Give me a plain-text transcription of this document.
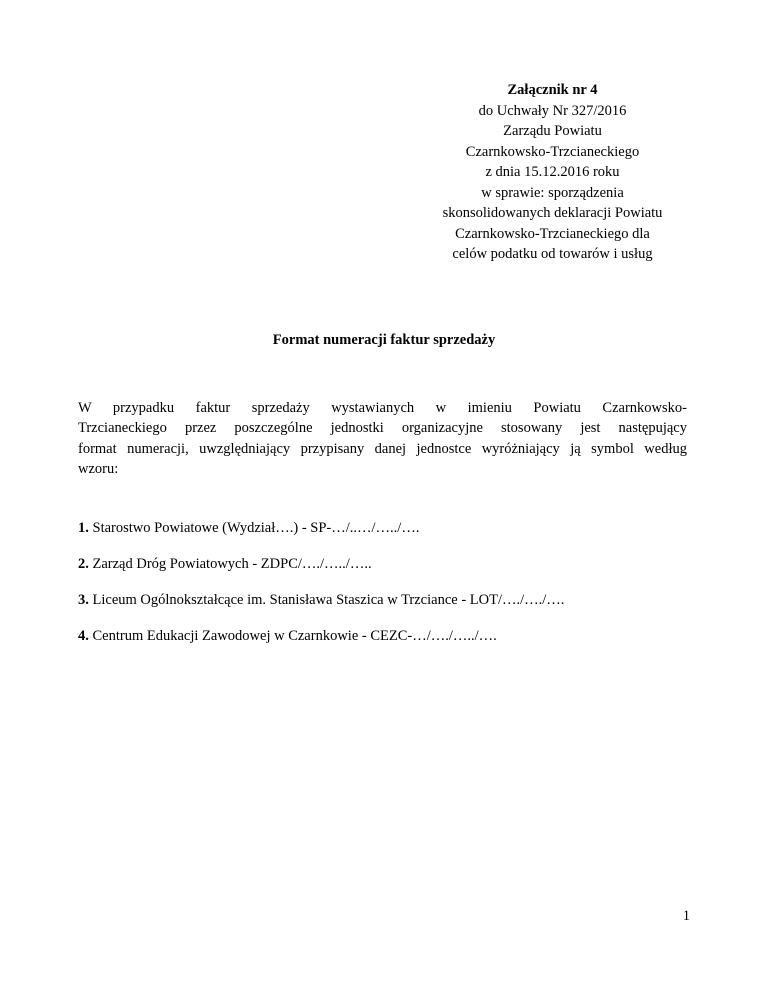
Załącznik nr 4
do Uchwały Nr 327/2016
Zarządu Powiatu
Czarnkowsko-Trzcianeckiego
z dnia 15.12.2016 roku
w sprawie: sporządzenia
skonsolidowanych deklaracji Powiatu
Czarnkowsko-Trzcianeckiego dla
celów podatku od towarów i usług
Format numeracji faktur sprzedaży
W przypadku faktur sprzedaży wystawianych w imieniu Powiatu Czarnkowsko-
Trzcianeckiego przez poszczególne jednostki organizacyjne stosowany jest następujący
format numeracji, uwzględniający przypisany danej jednostce wyróżniający ją symbol według
wzoru:
1. Starostwo Powiatowe (Wydział….) - SP-…/..…/…../….
2. Zarząd Dróg Powiatowych - ZDPC/…./…../…..
3. Liceum Ogólnokształcące im. Stanisława Staszica w Trzciance - LOT/…./…./….
4. Centrum Edukacji Zawodowej w Czarnkowie - CEZC-…/…./…../….
1
